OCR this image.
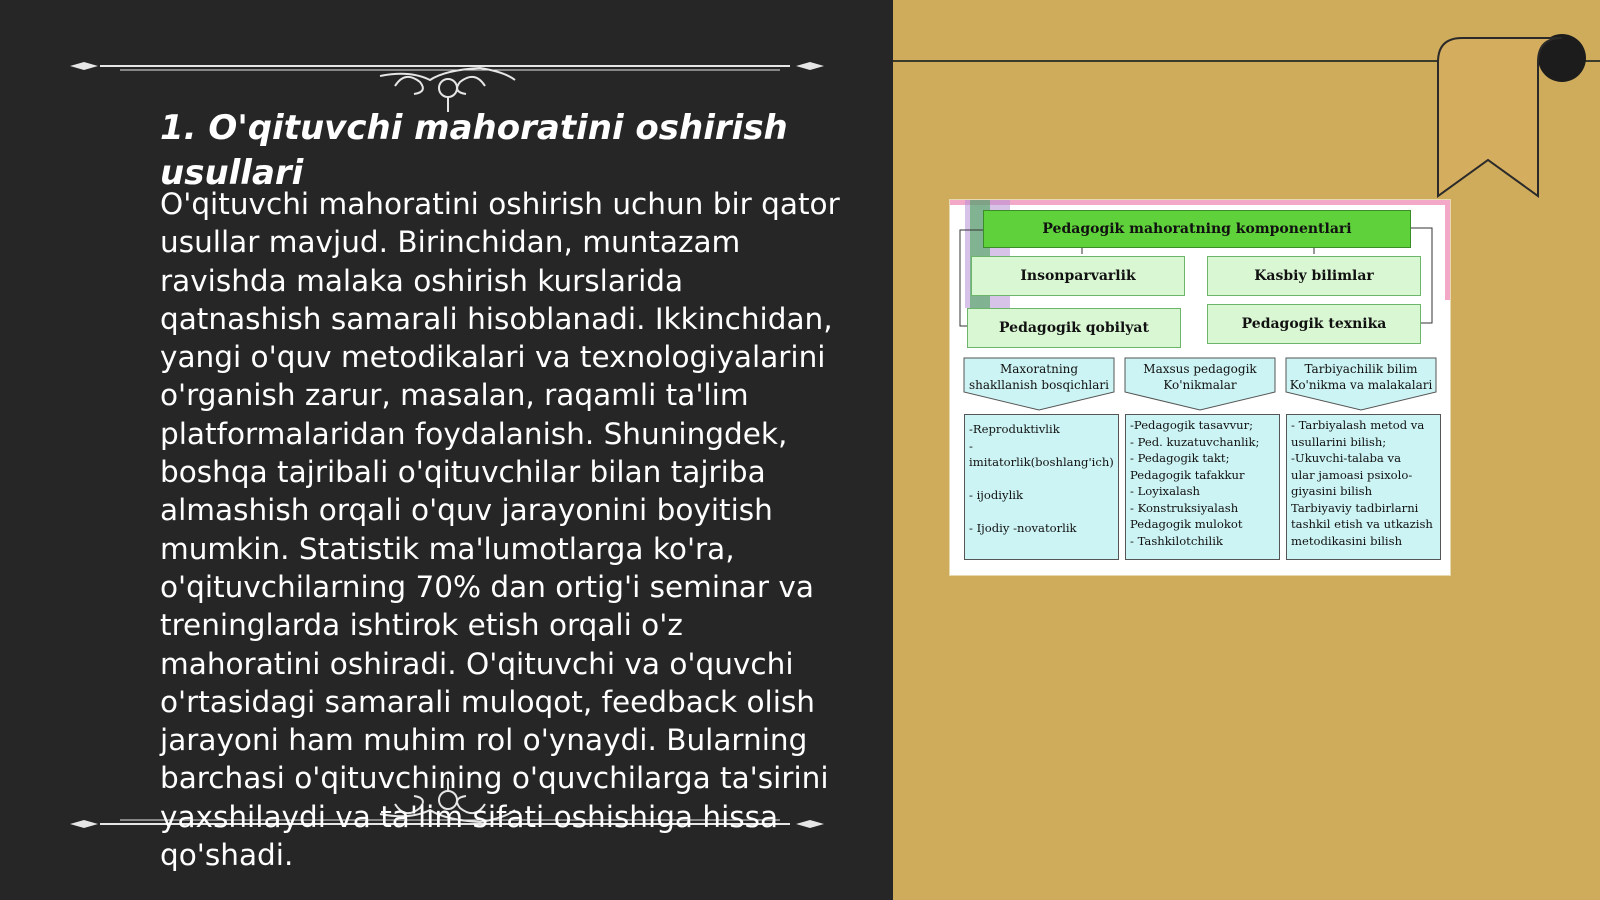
1. O'qituvchi mahoratini oshirish usullari

O'qituvchi mahoratini oshirish uchun bir qator usullar mavjud. Birinchidan, muntazam ravishda malaka oshirish kurslarida qatnashish samarali hisoblanadi. Ikkinchidan, yangi o'quv metodikalari va texnologiyalarini o'rganish zarur, masalan, raqamli ta'lim platformalaridan foydalanish. Shuningdek, boshqa tajribali o'qituvchilar bilan tajriba almashish orqali o'quv jarayonini boyitish mumkin. Statistik ma'lumotlarga ko'ra, o'qituvchilarning 70% dan ortig'i seminar va treninglarda ishtirok etish orqali o'z mahoratini oshiradi. O'qituvchi va o'quvchi o'rtasidagi samarali muloqot, feedback olish jarayoni ham muhim rol o'ynaydi. Bularning barchasi o'qituvchining o'quvchilarga ta'sirini yaxshilaydi va ta'lim sifati oshishiga hissa qo'shadi.

Pedagogik mahoratning komponentlari
Insonparvarlik	Kasbiy bilimlar
Pedagogik qobilyat	Pedagogik texnika
Maxoratning shakllanish bosqichlari
Maxsus pedagogik Ko'nikmalar
Tarbiyachilik bilim Ko'nikma va malakalari
-Reproduktivlik
-imitatorlik(boshlang'ich)

- ijodiylik

- Ijodiy -novatorlik
-Pedagogik tasavvur;
- Ped. kuzatuvchanlik;
- Pedagogik takt;
Pedagogik tafakkur
- Loyixalash
- Konstruksiyalash
Pedagogik mulokot
- Tashkilotchilik
- Tarbiyalash metod va
usullarini bilish;
-Ukuvchi-talaba va
ular jamoasi psixolo-
giyasini bilish
Tarbiyaviy tadbirlarni
tashkil etish va utkazish
metodikasini bilish
